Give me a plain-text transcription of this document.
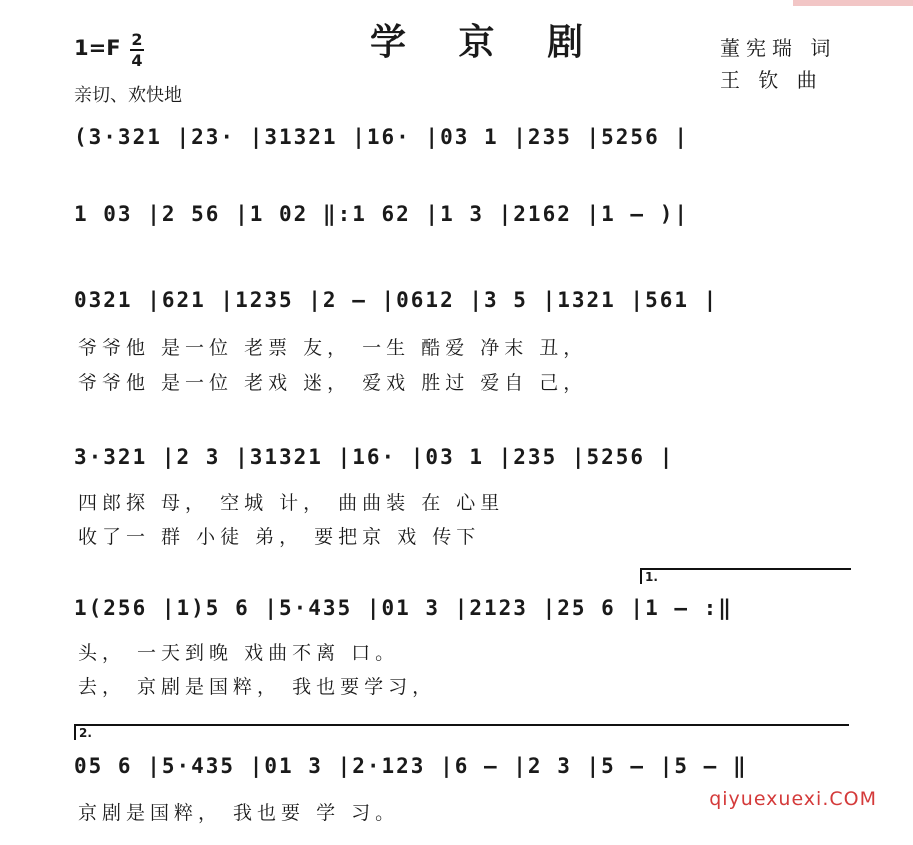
学 京 剧
1=F 2
4
亲切、欢快地
董宪瑞 词
王 钦 曲
(3·321 |23· |31321 |16· |03 1 |235 |5256 |
1 03 |2 56 |1 02 ‖:1 62 |1 3 |2162 |1 – )|
0321 |621 |1235 |2 – |0612 |3 5 |1321 |561 |
爷爷他 是一位 老票 友， 一生 酷爱 净末 丑，
爷爷他 是一位 老戏 迷， 爱戏 胜过 爱自 己，
3·321 |2 3 |31321 |16· |03 1 |235 |5256 |
四郎探 母， 空城 计， 曲曲装 在 心里
收了一 群 小徒 弟， 要把京 戏 传下
1.
1(256 |1)5 6 |5·435 |01 3 |2123 |25 6 |1 – :‖
头， 一天到晚 戏曲不离 口。
去， 京剧是国粹， 我也要学习，
2.
05 6 |5·435 |01 3 |2·123 |6 – |2 3 |5 – |5 – ‖
京剧是国粹， 我也要 学 习。
qiyuexuexi.COM
